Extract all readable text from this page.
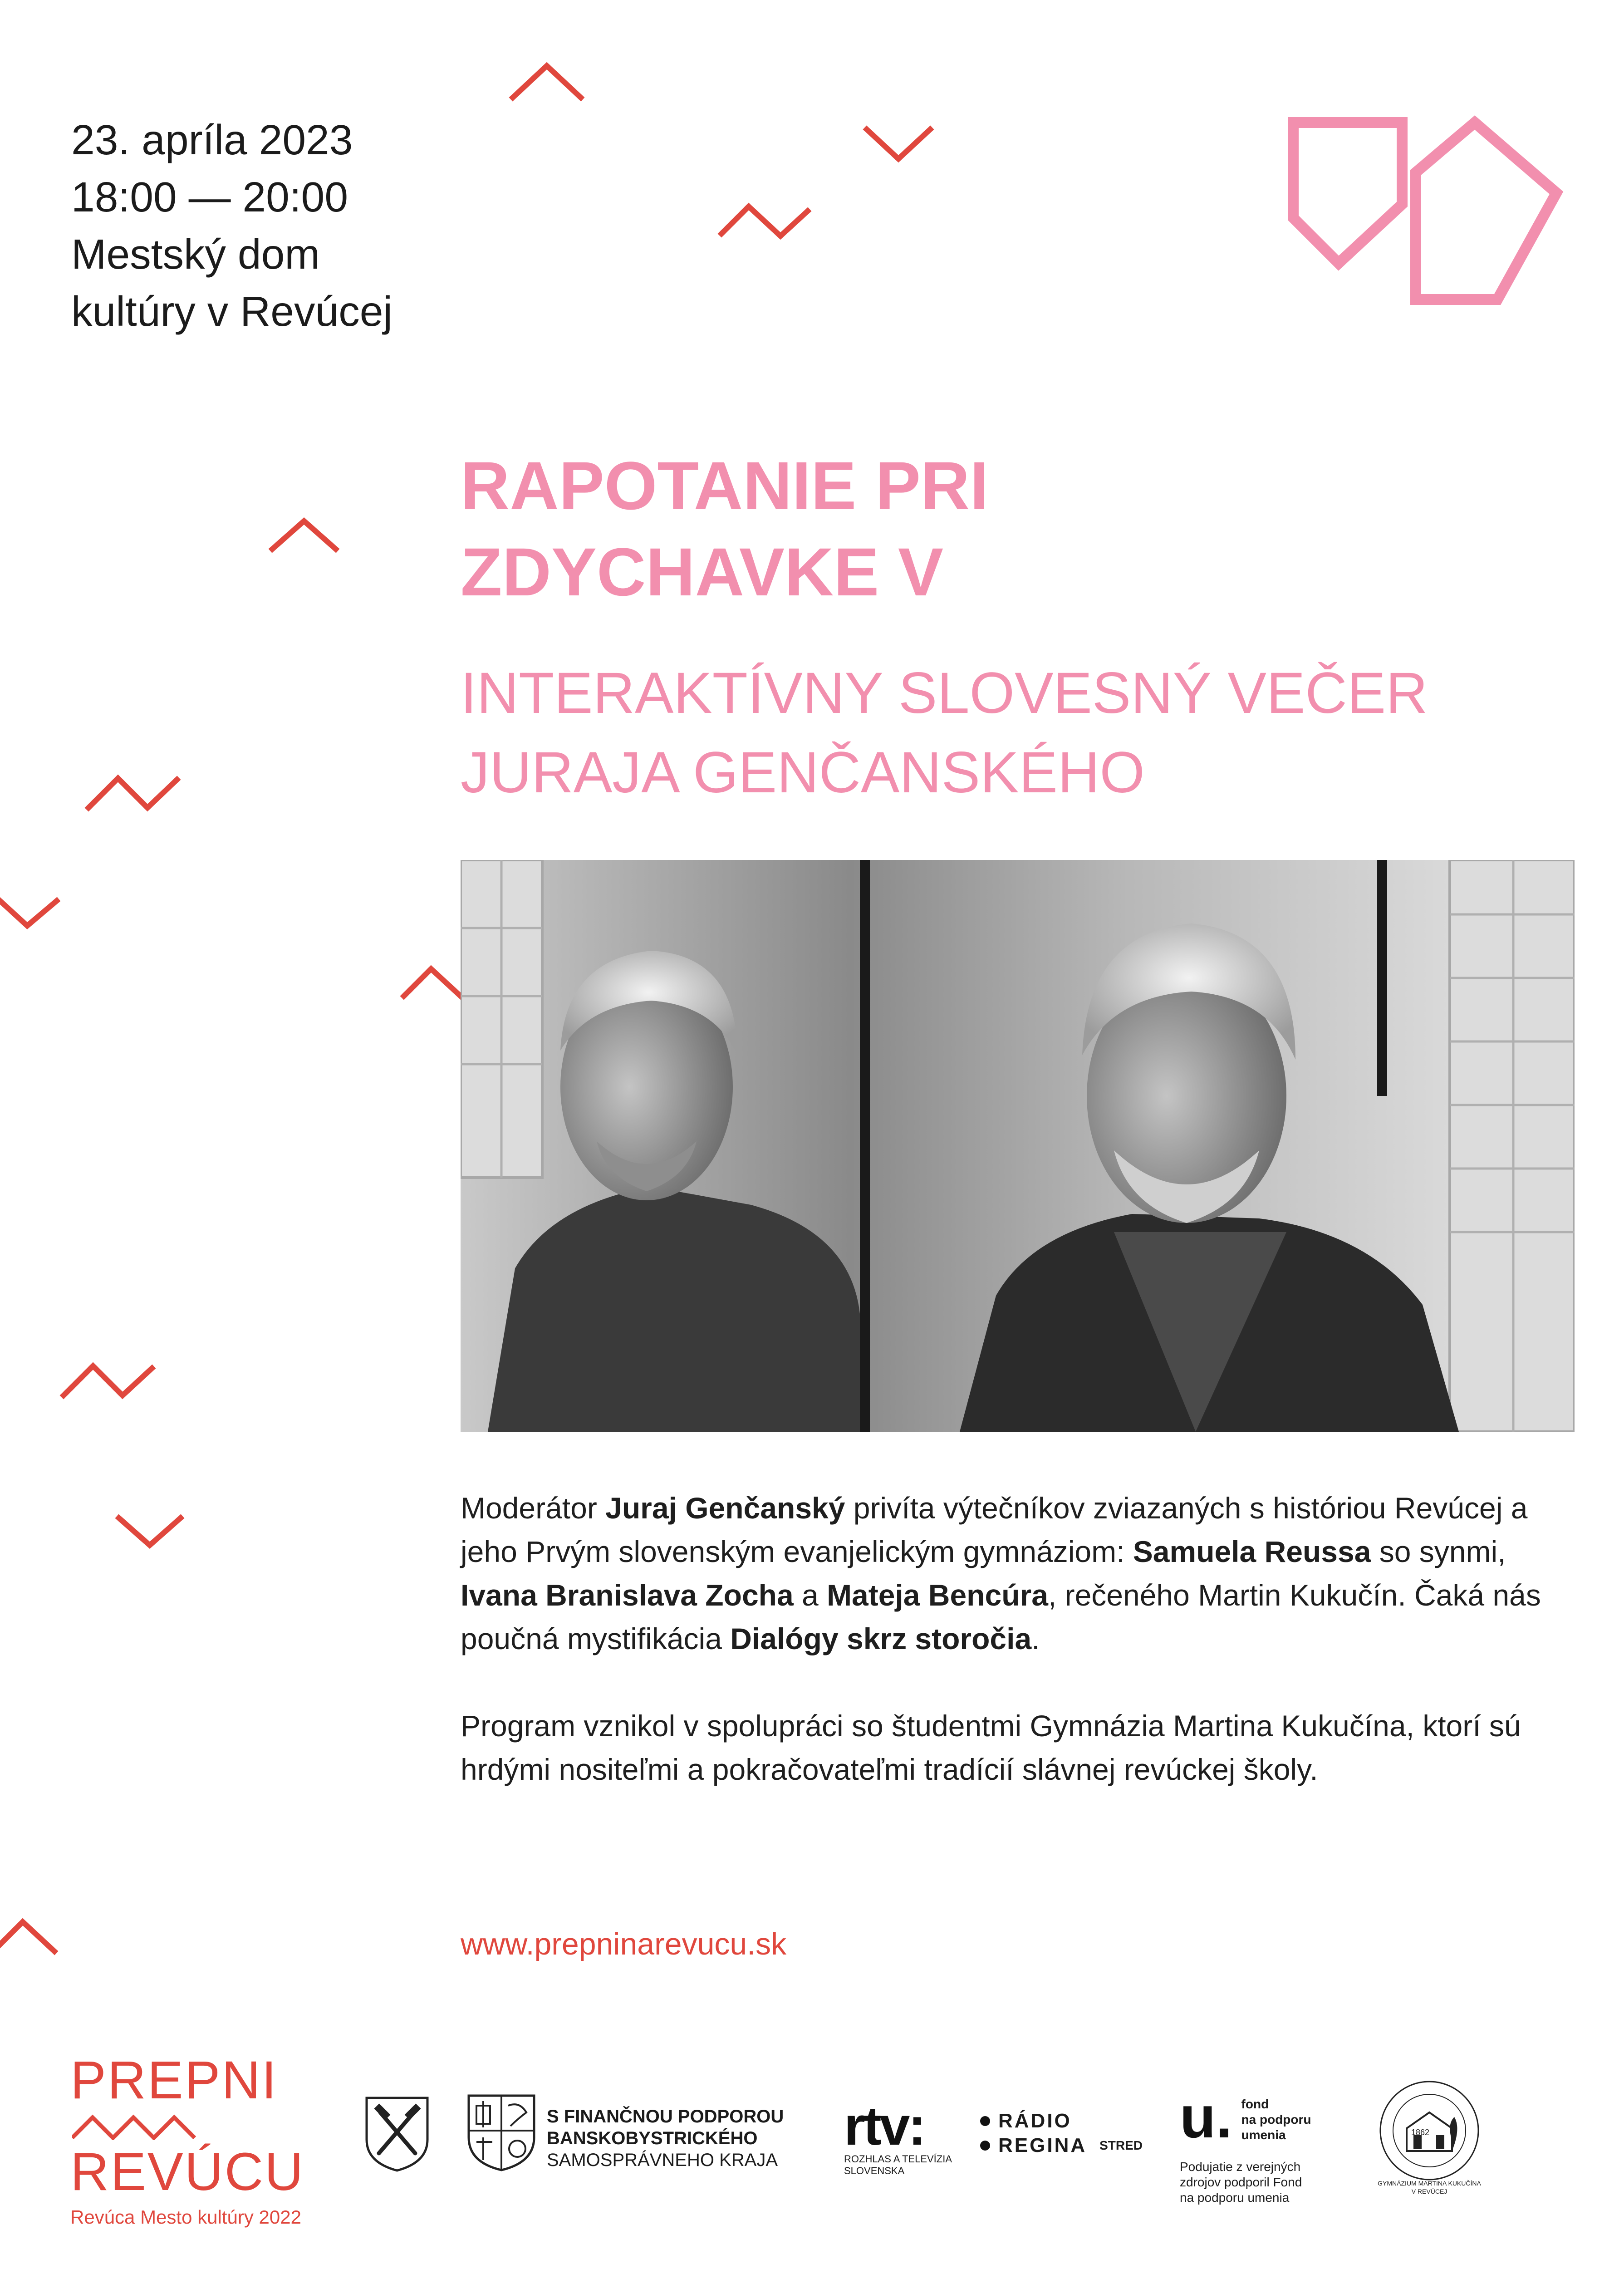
23. apríla 2023
18:00 — 20:00
Mestský dom
kultúry v Revúcej
RAPOTANIE PRI
ZDYCHAVKE V
INTERAKTÍVNY SLOVESNÝ VEČER
JURAJA GENČANSKÉHO

Moderátor Juraj Genčanský privíta výtečníkov zviazaných s históriou Revúcej a jeho Prvým slovenským evanjelickým gymnáziom: Samuela Reussa so synmi, Ivana Branislava Zocha a Mateja Bencúra, rečeného Martin Kukučín. Čaká nás poučná mystifikácia Dialógy skrz storočia.

Program vznikol v spolupráci so študentmi Gymnázia Martina Kukučína, ktorí sú hrdými nositeľmi a pokračovateľmi tradícií slávnej revúckej školy.

www.prepninarevucu.sk
PREPNI
REVÚCU
Revúca Mesto kultúry 2022
S FINANČNOU PODPOROU
BANSKOBYSTRICKÉHO
SAMOSPRÁVNEHO KRAJA
rtv:
ROZHLAS A TELEVÍZIA
SLOVENSKA
RÁDIO
REGINA STRED u. fond
na podporu
umenia
Podujatie z verejných
zdrojov podporil Fond
na podporu umenia
1862
GYMNÁZIUM MARTINA KUKUČÍNA V REVÚCEJ
